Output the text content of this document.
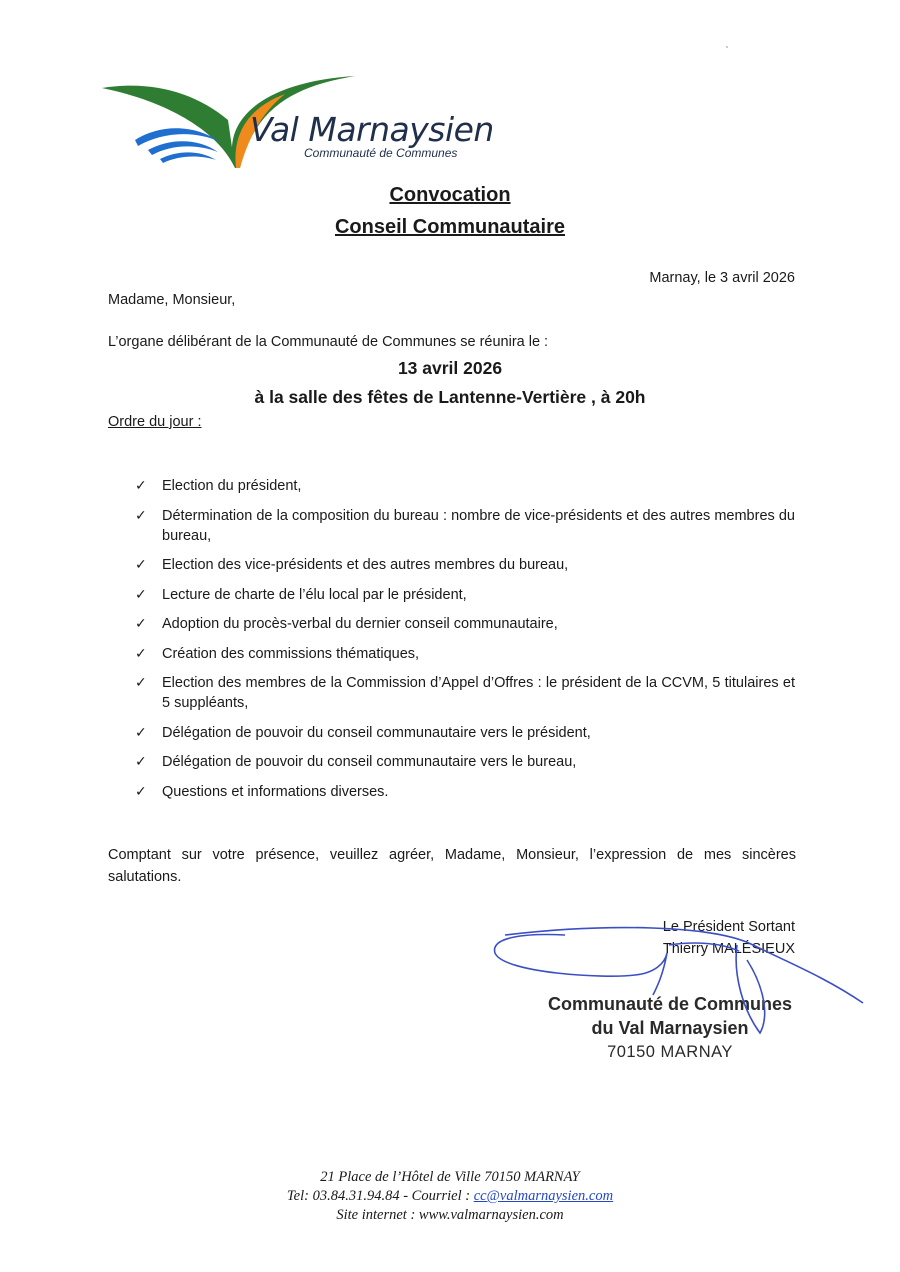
Val Marnaysien
Communauté de Communes
Convocation
Conseil Communautaire
Marnay, le 3 avril 2026
Madame, Monsieur,
L’organe délibérant de la Communauté de Communes se réunira le :
13 avril 2026
à la salle des fêtes de Lantenne-Vertière , à 20h
Ordre du jour :
✓ Election du président,
✓ Détermination de la composition du bureau : nombre de vice-présidents et des autres membres du bureau,
✓ Election des vice-présidents et des autres membres du bureau,
✓ Lecture de charte de l’élu local par le président,
✓ Adoption du procès-verbal du dernier conseil communautaire,
✓ Création des commissions thématiques,
✓ Election des membres de la Commission d’Appel d’Offres : le président de la CCVM, 5 titulaires et 5 suppléants,
✓ Délégation de pouvoir du conseil communautaire vers le président,
✓ Délégation de pouvoir du conseil communautaire vers le bureau,
✓ Questions et informations diverses.
Comptant sur votre présence, veuillez agréer, Madame, Monsieur, l’expression de mes sincères salutations.
Le Président Sortant
Thierry MALÉSIEUX
Communauté de Communes
du Val Marnaysien
70150 MARNAY
21 Place de l’Hôtel de Ville 70150 MARNAY
Tel: 03.84.31.94.84 - Courriel : cc@valmarnaysien.com
Site internet : www.valmarnaysien.com
